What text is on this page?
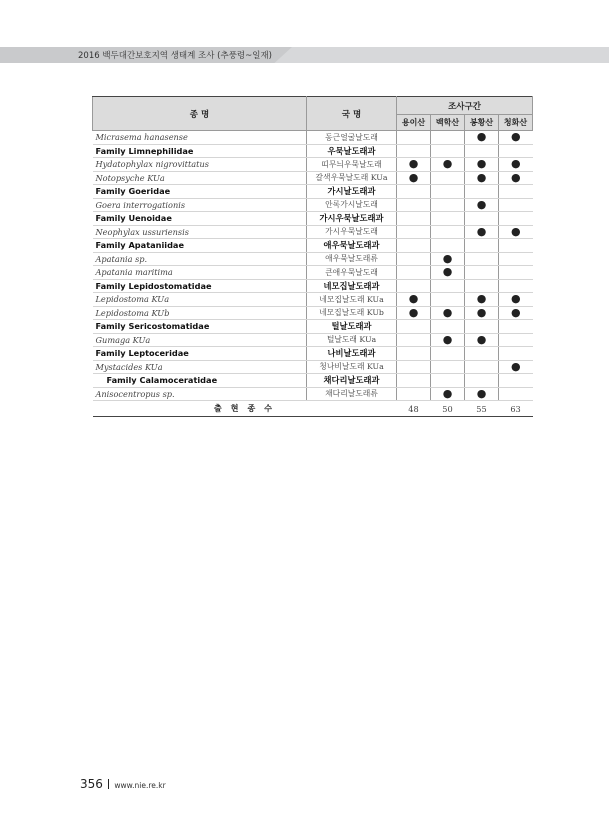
2016 백두대간보호지역 생태계 조사 (추풍령~일재)
종 명	국 명	조사구간			
		용이산	백학산	봉황산	청화산
Micrasema hanasense	동근얼굴날도래			●	●
Family Limnephilidae	우묵날도래과				
Hydatophylax nigrovittatus	띠무늬우묵날도래	●	●	●	●
Notopsyche KUa	갈색우묵날도래 KUa	●		●	●
Family Goeridae	가시날도래과				
Goera interrogationis	안록가시날도래			●	
Family Uenoidae	가시우묵날도래과				
Neophylax ussuriensis	가시우묵날도래			●	●
Family Apataniidae	애우묵날도래과				
Apatania sp.	애우묵날도래류		●		
Apatania maritima	큰애우묵날도래		●		
Family Lepidostomatidae	네모집날도래과				
Lepidostoma KUa	네모집날도래 KUa	●		●	●
Lepidostoma KUb	네모집날도래 KUb	●	●	●	●
Family Sericostomatidae	털날도래과				
Gumaga KUa	털날도래 KUa		●	●	
Family Leptoceridae	나비날도래과				
Mystacides KUa	청나비날도래 KUa				●
Family Calamoceratidae	채다리날도래과				
Anisocentropus sp.	채다리날도래류		●	●	
출 현 종 수		48	50	55	63
356 www.nie.re.kr
